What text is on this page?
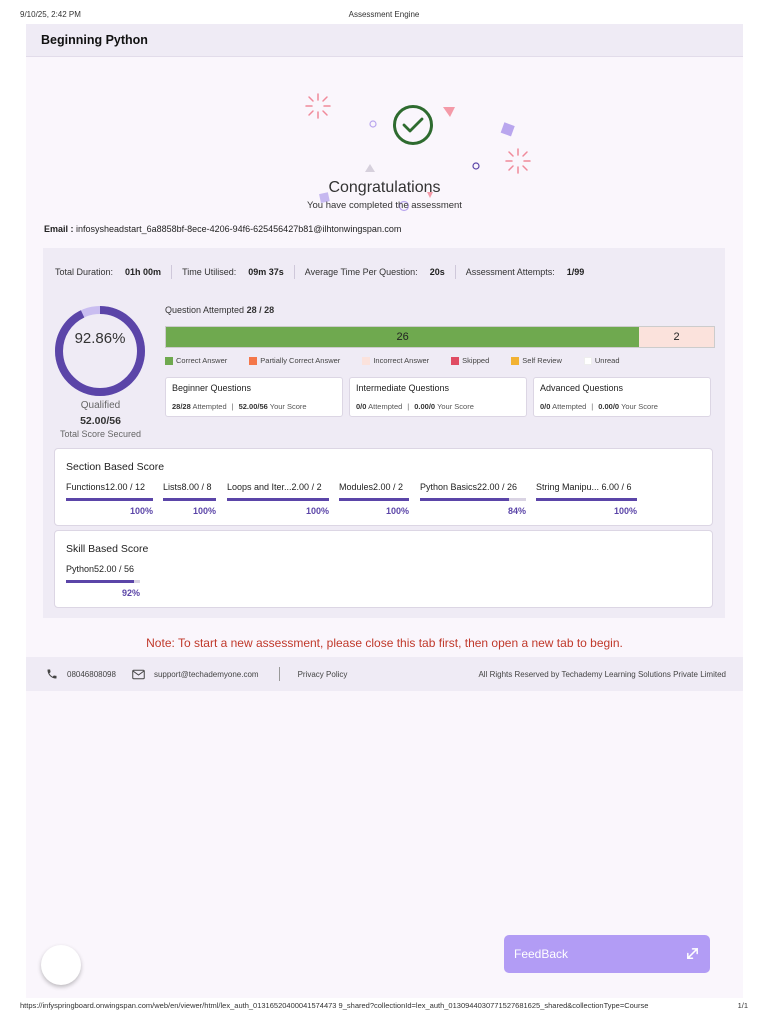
9/10/25, 2:42 PM	Assessment Engine
Beginning Python
Congratulations
You have completed the assessment
Email : infosysheadstart_6a8858bf-8ece-4206-94f6-625456427b81@ilhtonwingspan.com
Total Duration: 01h 00m Time Utilised: 09m 37s Average Time Per Question: 20s Assessment Attempts: 1/99
92.86%
Qualified
52.00/56
Total Score Secured
Question Attempted 28 / 28
26	2
Correct Answer	Partially Correct Answer	Incorrect Answer	Skipped	Self Review	Unread
Beginner Questions
28/28 Attempted | 52.00/56 Your Score
Intermediate Questions
0/0 Attempted | 0.00/0 Your Score
Advanced Questions
0/0 Attempted | 0.00/0 Your Score
Section Based Score
Functions12.00 / 12
100%
Lists8.00 / 8
100%
Loops and Iter...2.00 / 2
100%
Modules2.00 / 2
100%
Python Basics22.00 / 26
84%
String Manipu... 6.00 / 6
100%
Skill Based Score
Python52.00 / 56
92%
Note: To start a new assessment, please close this tab first, then open a new tab to begin.
08046808098	support@techademyone.com	Privacy Policy	All Rights Reserved by Techademy Learning Solutions Private Limited
FeedBack
https://infyspringboard.onwingspan.com/web/en/viewer/html/lex_auth_01316520400041574473 9_shared?collectionId=lex_auth_0130944030771527681625_shared&collectionType=Course	1/1
